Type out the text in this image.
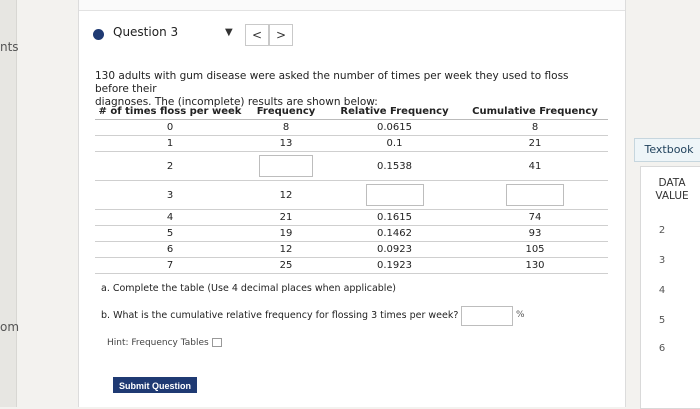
nts
om
Question 3	▼	<	>
130 adults with gum disease were asked the number of times per week they used to floss before their
diagnoses. The (incomplete) results are shown below:
# of times floss per week	Frequency	Relative Frequency	Cumulative Frequency
0	8	0.0615	8
1	13	0.1	21
2		0.1538	41
3	12		
4	21	0.1615	74
5	19	0.1462	93
6	12	0.0923	105
7	25	0.1923	130
a. Complete the table (Use 4 decimal places when applicable)
b. What is the cumulative relative frequency for flossing 3 times per week?	%
Hint: Frequency Tables
Submit Question
Textbook
DATA
VALUE
2
3
4
5
6
